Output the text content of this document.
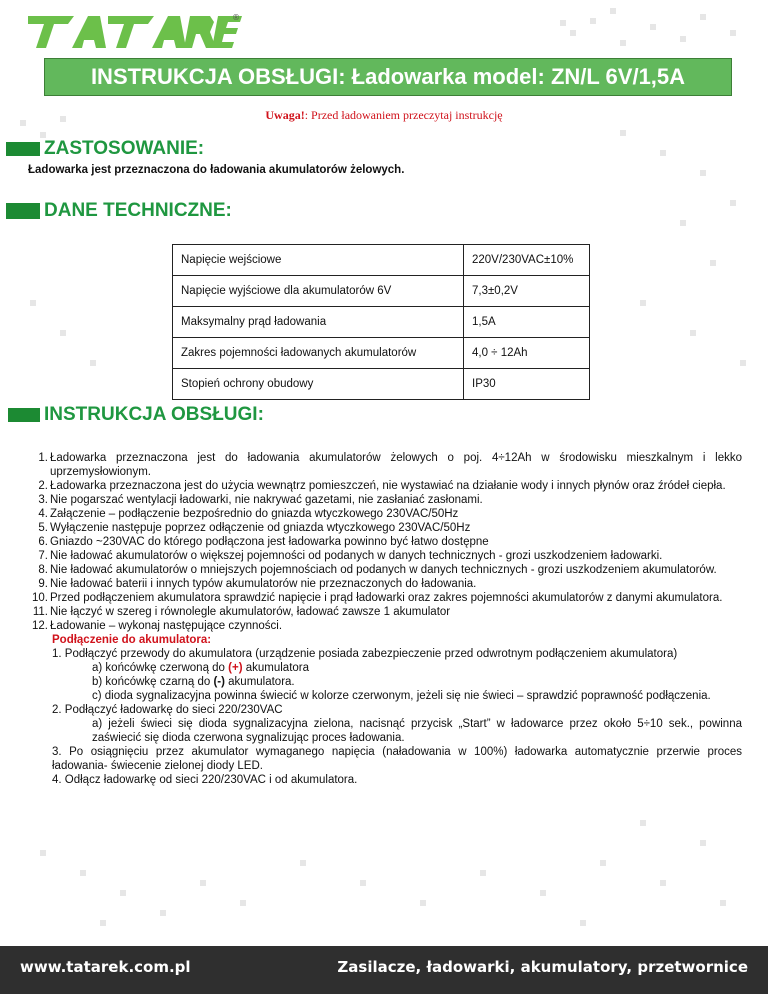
®
INSTRUKCJA OBSŁUGI: Ładowarka model: ZN/L 6V/1,5A
Uwaga!: Przed ładowaniem przeczytaj instrukcję
ZASTOSOWANIE:
Ładowarka jest przeznaczona do ładowania akumulatorów żelowych.
DANE TECHNICZNE:
Napięcie wejściowe	220V/230VAC±10%
Napięcie wyjściowe dla akumulatorów 6V	7,3±0,2V
Maksymalny prąd ładowania	1,5A
Zakres pojemności ładowanych akumulatorów	4,0 ÷ 12Ah
Stopień ochrony obudowy	IP30
INSTRUKCJA OBSŁUGI:
1. Ładowarka przeznaczona jest do ładowania akumulatorów żelowych o poj. 4÷12Ah w środowisku mieszkalnym i lekko uprzemysłowionym.
2. Ładowarka przeznaczona jest do użycia wewnątrz pomieszczeń, nie wystawiać na działanie wody i innych płynów oraz źródeł ciepła.
3. Nie pogarszać wentylacji ładowarki, nie nakrywać gazetami, nie zasłaniać zasłonami.
4. Załączenie – podłączenie bezpośrednio do gniazda wtyczkowego 230VAC/50Hz
5. Wyłączenie następuje poprzez odłączenie od gniazda wtyczkowego 230VAC/50Hz
6. Gniazdo ~230VAC do którego podłączona jest ładowarka powinno być łatwo dostępne
7. Nie ładować akumulatorów o większej pojemności od podanych w danych technicznych - grozi uszkodzeniem ładowarki.
8. Nie ładować akumulatorów o mniejszych pojemnościach od podanych w danych technicznych - grozi uszkodzeniem akumulatorów.
9. Nie ładować baterii i innych typów akumulatorów nie przeznaczonych do ładowania.
10. Przed podłączeniem akumulatora sprawdzić napięcie i prąd ładowarki oraz zakres pojemności akumulatorów z danymi akumulatora.
11. Nie łączyć w szereg i równolegle akumulatorów, ładować zawsze 1 akumulator
12. Ładowanie – wykonaj następujące czynności.
Podłączenie do akumulatora:
1. Podłączyć przewody do akumulatora (urządzenie posiada zabezpieczenie przed odwrotnym podłączeniem akumulatora)
a) końcówkę czerwoną do (+) akumulatora
b) końcówkę czarną do (-) akumulatora.
c) dioda sygnalizacyjna powinna świecić w kolorze czerwonym, jeżeli się nie świeci – sprawdzić poprawność podłączenia.
2. Podłączyć ładowarkę do sieci 220/230VAC
a) jeżeli świeci się dioda sygnalizacyjna zielona, nacisnąć przycisk „Start” w ładowarce przez około 5÷10 sek., powinna zaświecić się dioda czerwona sygnalizując proces ładowania.
3. Po osiągnięciu przez akumulator wymaganego napięcia (naładowania w 100%) ładowarka automatycznie przerwie proces ładowania- świecenie zielonej diody LED.
4. Odłącz ładowarkę od sieci 220/230VAC i od akumulatora.
www.tatarek.com.pl	Zasilacze, ładowarki, akumulatory, przetwornice
